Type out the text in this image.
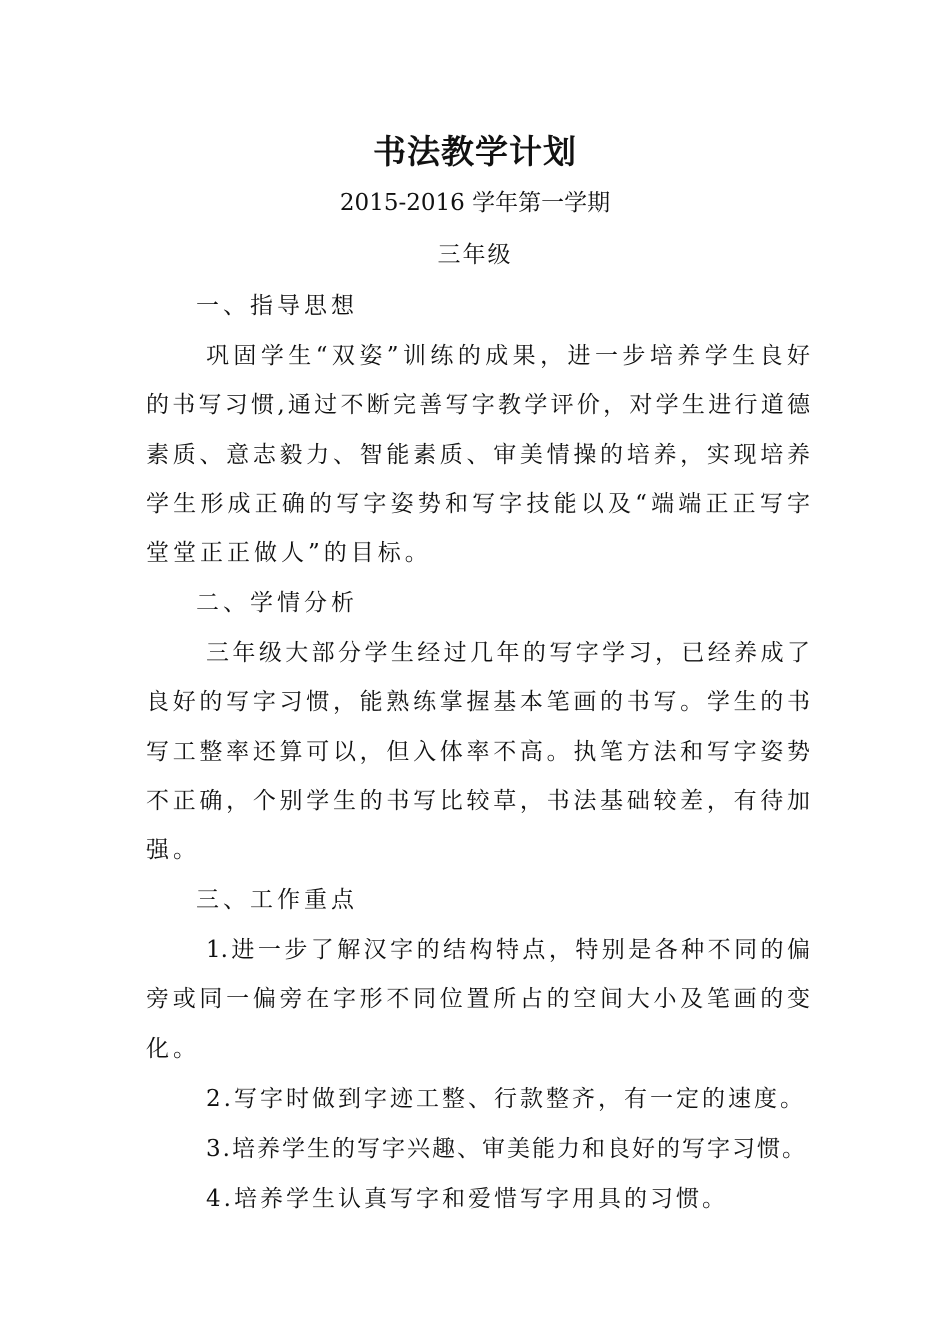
书法教学计划
2015-2016 学年第一学期
三年级
一、指导思想
巩固学生“双姿”训练的成果，进一步培养学生良好
的书写习惯,通过不断完善写字教学评价，对学生进行道德
素质、意志毅力、智能素质、审美情操的培养，实现培养
学生形成正确的写字姿势和写字技能以及“端端正正写字
堂堂正正做人”的目标。
二、学情分析
三年级大部分学生经过几年的写字学习，已经养成了
良好的写字习惯，能熟练掌握基本笔画的书写。学生的书
写工整率还算可以，但入体率不高。执笔方法和写字姿势
不正确，个别学生的书写比较草，书法基础较差，有待加
强。
三、工作重点
1.进一步了解汉字的结构特点，特别是各种不同的偏
旁或同一偏旁在字形不同位置所占的空间大小及笔画的变
化。
2.写字时做到字迹工整、行款整齐，有一定的速度。
3.培养学生的写字兴趣、审美能力和良好的写字习惯。
4.培养学生认真写字和爱惜写字用具的习惯。
